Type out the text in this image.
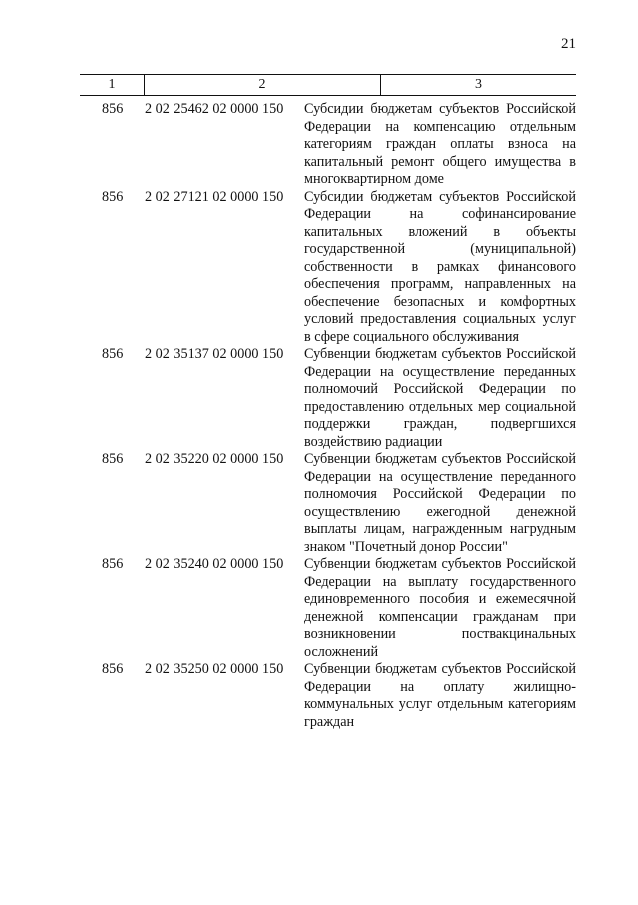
21
1	2	3
856	2 02 25462 02 0000 150	Субсидии бюджетам субъектов Российской Федерации на компенсацию отдельным категориям граждан оплаты взноса на капитальный ремонт общего имущества в многоквартирном доме
856	2 02 27121 02 0000 150	Субсидии бюджетам субъектов Российской Федерации на софинансирование капитальных вложений в объекты государственной (муниципальной) собственности в рамках финансового обеспечения программ, направленных на обеспечение безопасных и комфортных условий предоставления социальных услуг в сфере социального обслуживания
856	2 02 35137 02 0000 150	Субвенции бюджетам субъектов Российской Федерации на осуществление переданных полномочий Российской Федерации по предоставлению отдельных мер социальной поддержки граждан, подвергшихся воздействию радиации
856	2 02 35220 02 0000 150	Субвенции бюджетам субъектов Российской Федерации на осуществление переданного полномочия Российской Федерации по осуществлению ежегодной денежной выплаты лицам, награжденным нагрудным знаком "Почетный донор России"
856	2 02 35240 02 0000 150	Субвенции бюджетам субъектов Российской Федерации на выплату государственного единовременного пособия и ежемесячной денежной компенсации гражданам при возникновении поствакцинальных осложнений
856	2 02 35250 02 0000 150	Субвенции бюджетам субъектов Российской Федерации на оплату жилищно-коммунальных услуг отдельным категориям граждан
